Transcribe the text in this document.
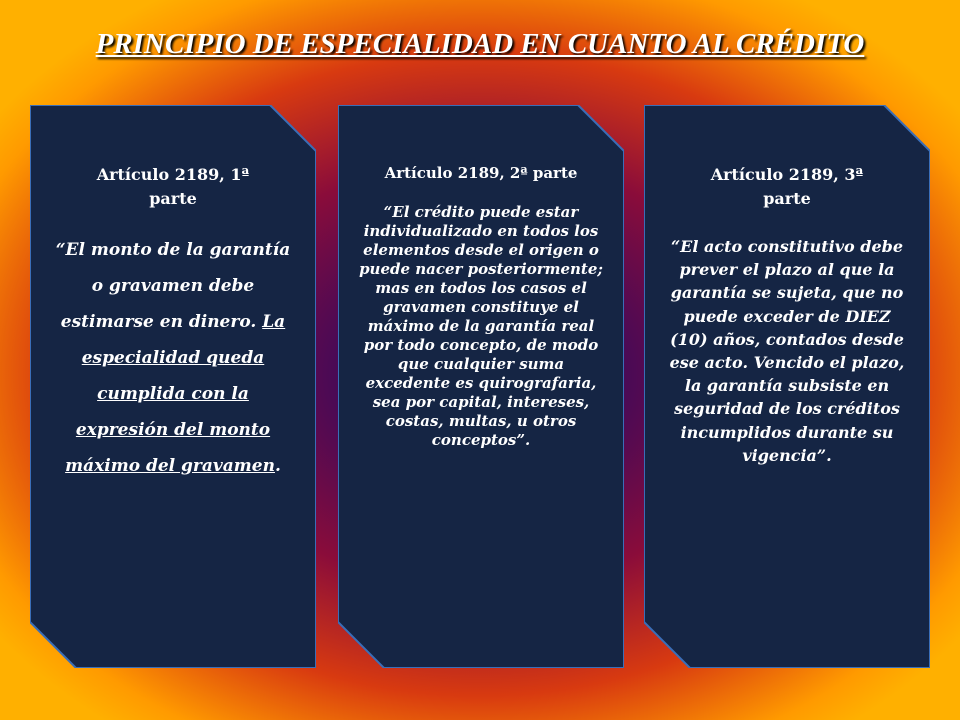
PRINCIPIO DE ESPECIALIDAD EN CUANTO AL CRÉDITO
Artículo 2189, 1ª parte
“El monto de la garantía o gravamen debe estimarse en dinero. La especialidad queda cumplida con la expresión del monto máximo del gravamen.
Artículo 2189, 2ª parte
“El crédito puede estar individualizado en todos los elementos desde el origen o puede nacer posteriormente; mas en todos los casos el gravamen constituye el máximo de la garantía real por todo concepto, de modo que cualquier suma excedente es quirografaria, sea por capital, intereses, costas, multas, u otros conceptos”.
Artículo 2189, 3ª parte
“El acto constitutivo debe prever el plazo al que la garantía se sujeta, que no puede exceder de DIEZ (10) años, contados desde ese acto. Vencido el plazo, la garantía subsiste en seguridad de los créditos incumplidos durante su vigencia”.
